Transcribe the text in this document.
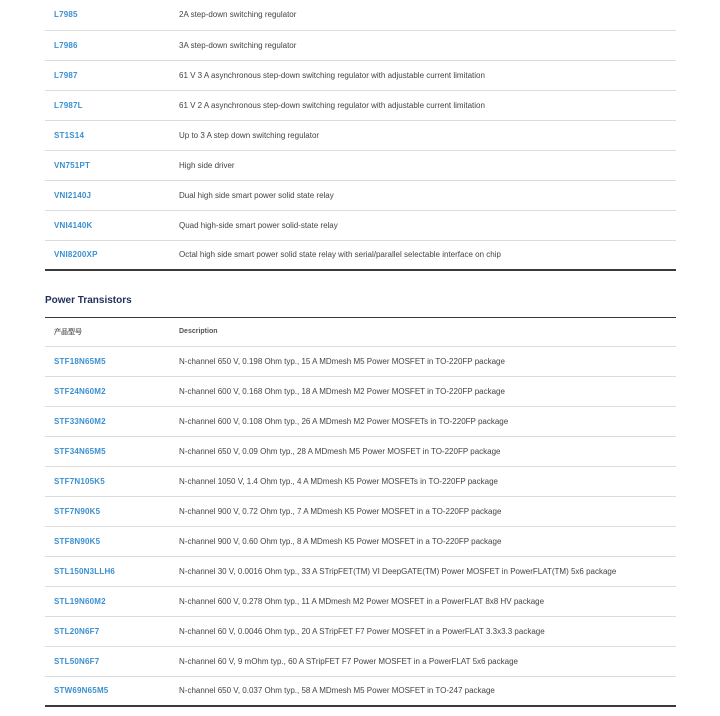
L7985	2A step-down switching regulator
L7986	3A step-down switching regulator
L7987	61 V 3 A asynchronous step-down switching regulator with adjustable current limitation
L7987L	61 V 2 A asynchronous step-down switching regulator with adjustable current limitation
ST1S14	Up to 3 A step down switching regulator
VN751PT	High side driver
VNI2140J	Dual high side smart power solid state relay
VNI4140K	Quad high-side smart power solid-state relay
VNI8200XP	Octal high side smart power solid state relay with serial/parallel selectable interface on chip
Power Transistors
产品型号	Description
STF18N65M5	N-channel 650 V, 0.198 Ohm typ., 15 A MDmesh M5 Power MOSFET in TO-220FP package
STF24N60M2	N-channel 600 V, 0.168 Ohm typ., 18 A MDmesh M2 Power MOSFET in TO-220FP package
STF33N60M2	N-channel 600 V, 0.108 Ohm typ., 26 A MDmesh M2 Power MOSFETs in TO-220FP package
STF34N65M5	N-channel 650 V, 0.09 Ohm typ., 28 A MDmesh M5 Power MOSFET in TO-220FP package
STF7N105K5	N-channel 1050 V, 1.4 Ohm typ., 4 A MDmesh K5 Power MOSFETs in TO-220FP package
STF7N90K5	N-channel 900 V, 0.72 Ohm typ., 7 A MDmesh K5 Power MOSFET in a TO-220FP package
STF8N90K5	N-channel 900 V, 0.60 Ohm typ., 8 A MDmesh K5 Power MOSFET in a TO-220FP package
STL150N3LLH6	N-channel 30 V, 0.0016 Ohm typ., 33 A STripFET(TM) VI DeepGATE(TM) Power MOSFET in PowerFLAT(TM) 5x6 package
STL19N60M2	N-channel 600 V, 0.278 Ohm typ., 11 A MDmesh M2 Power MOSFET in a PowerFLAT 8x8 HV package
STL20N6F7	N-channel 60 V, 0.0046 Ohm typ., 20 A STripFET F7 Power MOSFET in a PowerFLAT 3.3x3.3 package
STL50N6F7	N-channel 60 V, 9 mOhm typ., 60 A STripFET F7 Power MOSFET in a PowerFLAT 5x6 package
STW69N65M5	N-channel 650 V, 0.037 Ohm typ., 58 A MDmesh M5 Power MOSFET in TO-247 package
